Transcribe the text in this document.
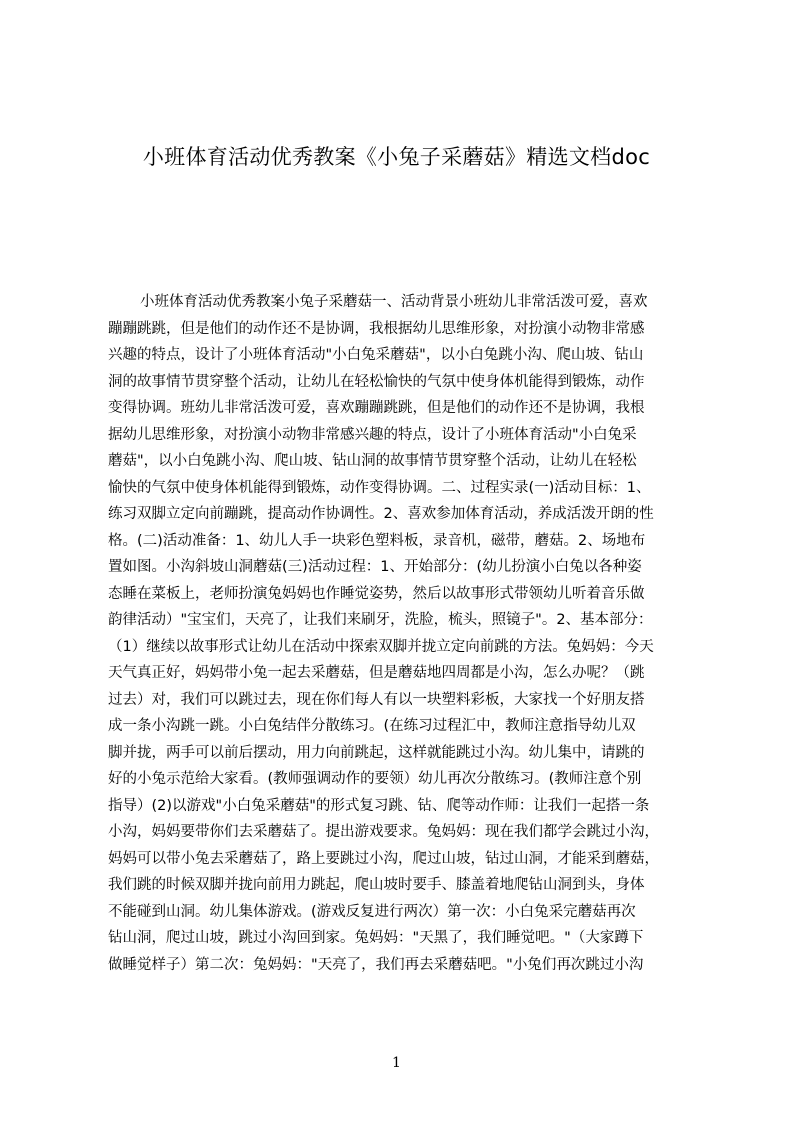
小班体育活动优秀教案《小兔子采蘑菇》精选文档doc
小班体育活动优秀教案小兔子采蘑菇一、活动背景小班幼儿非常活泼可爱，喜欢
蹦蹦跳跳，但是他们的动作还不是协调，我根据幼儿思维形象，对扮演小动物非常感
兴趣的特点，设计了小班体育活动"小白兔采蘑菇"，以小白兔跳小沟、爬山坡、钻山
洞的故事情节贯穿整个活动，让幼儿在轻松愉快的气氛中使身体机能得到锻炼，动作
变得协调。班幼儿非常活泼可爱，喜欢蹦蹦跳跳，但是他们的动作还不是协调，我根
据幼儿思维形象，对扮演小动物非常感兴趣的特点，设计了小班体育活动"小白兔采
蘑菇"，以小白兔跳小沟、爬山坡、钻山洞的故事情节贯穿整个活动，让幼儿在轻松
愉快的气氛中使身体机能得到锻炼，动作变得协调。二、过程实录(一)活动目标：1、
练习双脚立定向前蹦跳，提高动作协调性。2、喜欢参加体育活动，养成活泼开朗的性
格。(二)活动准备：1、幼儿人手一块彩色塑料板，录音机，磁带，蘑菇。2、场地布
置如图。小沟斜坡山洞蘑菇(三)活动过程：1、开始部分：(幼儿扮演小白兔以各种姿
态睡在菜板上，老师扮演兔妈妈也作睡觉姿势，然后以故事形式带领幼儿听着音乐做
韵律活动）"宝宝们，天亮了，让我们来刷牙，洗脸，梳头，照镜子"。2、基本部分：
（1）继续以故事形式让幼儿在活动中探索双脚并拢立定向前跳的方法。兔妈妈：今天
天气真正好，妈妈带小兔一起去采蘑菇，但是蘑菇地四周都是小沟，怎么办呢？（跳
过去）对，我们可以跳过去，现在你们每人有以一块塑料彩板，大家找一个好朋友搭
成一条小沟跳一跳。小白兔结伴分散练习。(在练习过程汇中，教师注意指导幼儿双
脚并拢，两手可以前后摆动，用力向前跳起，这样就能跳过小沟。幼儿集中，请跳的
好的小兔示范给大家看。(教师强调动作的要领）幼儿再次分散练习。(教师注意个别
指导）(2)以游戏"小白兔采蘑菇"的形式复习跳、钻、爬等动作师：让我们一起搭一条
小沟，妈妈要带你们去采蘑菇了。提出游戏要求。兔妈妈：现在我们都学会跳过小沟，
妈妈可以带小兔去采蘑菇了，路上要跳过小沟，爬过山坡，钻过山洞，才能采到蘑菇，
我们跳的时候双脚并拢向前用力跳起，爬山坡时要手、膝盖着地爬钻山洞到头，身体
不能碰到山洞。幼儿集体游戏。(游戏反复进行两次）第一次：小白兔采完蘑菇再次
钻山洞，爬过山坡，跳过小沟回到家。兔妈妈："天黑了，我们睡觉吧。"（大家蹲下
做睡觉样子）第二次：兔妈妈："天亮了，我们再去采蘑菇吧。"小兔们再次跳过小沟
1
